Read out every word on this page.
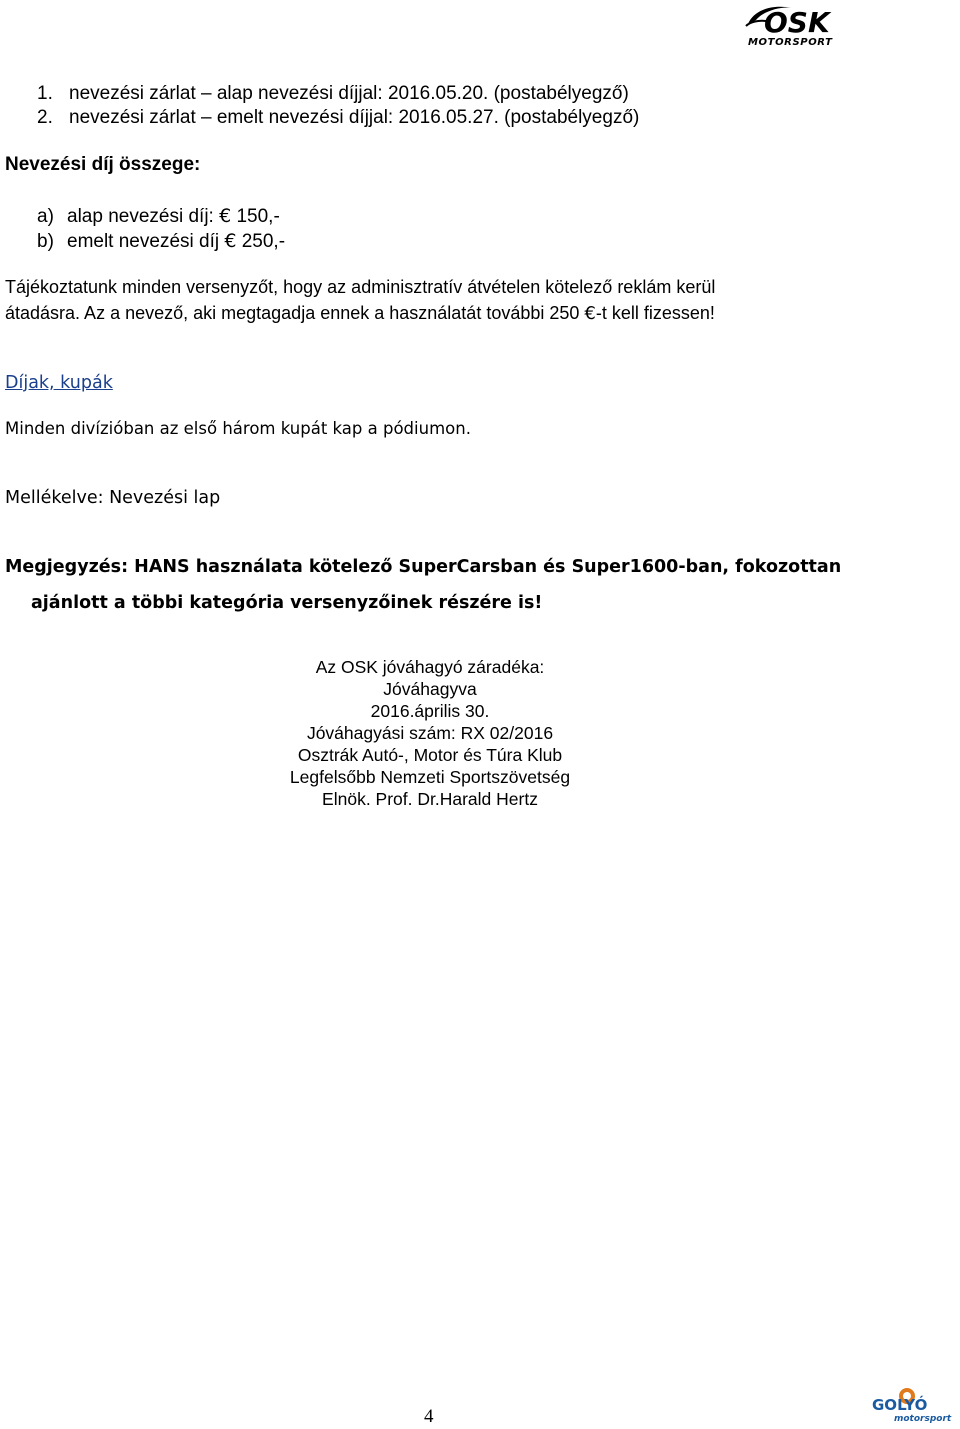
OSK
MOTORSPORT
1. nevezési zárlat – alap nevezési díjjal: 2016.05.20. (postabélyegző)
2. nevezési zárlat – emelt nevezési díjjal: 2016.05.27. (postabélyegző)
Nevezési díj összege:
a) alap nevezési díj: € 150,-
b) emelt nevezési díj € 250,-
Tájékoztatunk minden versenyzőt, hogy az adminisztratív átvételen kötelező reklám kerül
átadásra. Az a nevező, aki megtagadja ennek a használatát további 250 €-t kell fizessen!
Díjak, kupák
Minden divízióban az első három kupát kap a pódiumon.
Mellékelve: Nevezési lap
Megjegyzés: HANS használata kötelező SuperCarsban és Super1600-ban, fokozottan
ajánlott a többi kategória versenyzőinek részére is!
Az OSK jóváhagyó záradéka:
Jóváhagyva
2016.április 30.
Jóváhagyási szám: RX 02/2016
Osztrák Autó-, Motor és Túra Klub
Legfelsőbb Nemzeti Sportszövetség
Elnök. Prof. Dr.Harald Hertz
4
GOLYÓ
motorsport
